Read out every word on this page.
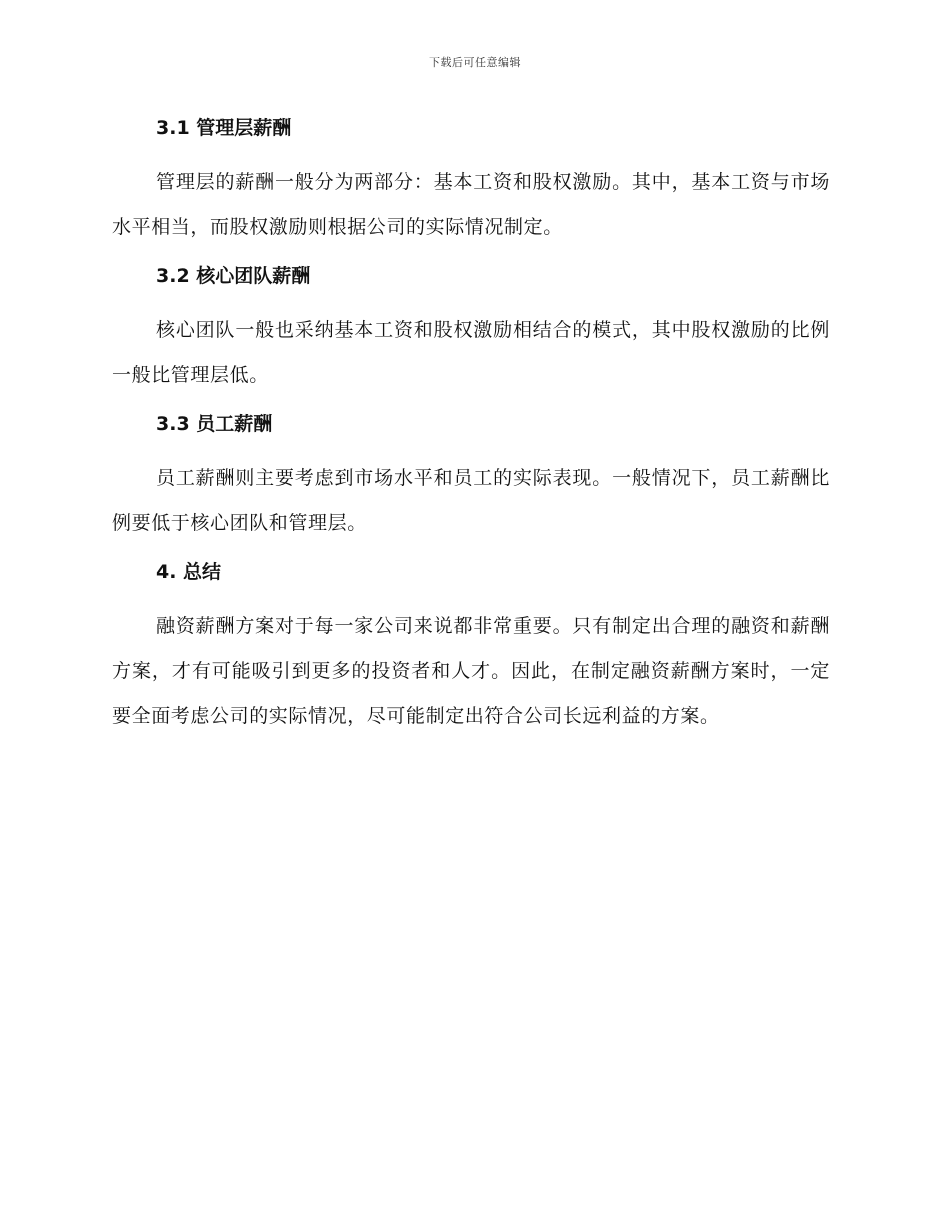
下载后可任意编辑
3.1 管理层薪酬

管理层的薪酬一般分为两部分：基本工资和股权激励。其中，基本工资与市场水平相当，而股权激励则根据公司的实际情况制定。

3.2 核心团队薪酬

核心团队一般也采纳基本工资和股权激励相结合的模式，其中股权激励的比例一般比管理层低。

3.3 员工薪酬

员工薪酬则主要考虑到市场水平和员工的实际表现。一般情况下，员工薪酬比例要低于核心团队和管理层。

4. 总结

融资薪酬方案对于每一家公司来说都非常重要。只有制定出合理的融资和薪酬方案，才有可能吸引到更多的投资者和人才。因此，在制定融资薪酬方案时，一定要全面考虑公司的实际情况，尽可能制定出符合公司长远利益的方案。
